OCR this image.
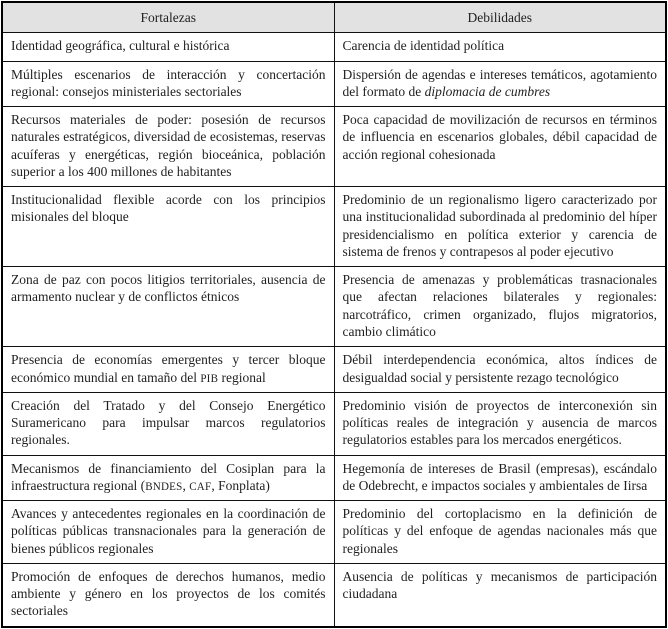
Fortalezas	Debilidades
Identidad geográfica, cultural e histórica	Carencia de identidad política
Múltiples escenarios de interacción y concertación regional: consejos ministeriales sectoriales	Dispersión de agendas e intereses temáticos, agotamiento del formato de diplomacia de cumbres
Recursos materiales de poder: posesión de recursos naturales estratégicos, diversidad de ecosistemas, reservas acuíferas y energéticas, región bioceánica, población superior a los 400 millones de habitantes	Poca capacidad de movilización de recursos en términos de influencia en escenarios globales, débil capacidad de acción regional cohesionada
Institucionalidad flexible acorde con los principios misionales del bloque	Predominio de un regionalismo ligero caracterizado por una institucionalidad subordinada al predominio del híper presidencialismo en política exterior y carencia de sistema de frenos y contrapesos al poder ejecutivo
Zona de paz con pocos litigios territoriales, ausencia de armamento nuclear y de conflictos étnicos	Presencia de amenazas y problemáticas trasnacionales que afectan relaciones bilaterales y regionales: narcotráfico, crimen organizado, flujos migratorios, cambio climático
Presencia de economías emergentes y tercer bloque económico mundial en tamaño del PIB regional	Débil interdependencia económica, altos índices de desigualdad social y persistente rezago tecnológico
Creación del Tratado y del Consejo Energético Suramericano para impulsar marcos regulatorios regionales.	Predominio visión de proyectos de interconexión sin políticas reales de integración y ausencia de marcos regulatorios estables para los mercados energéticos.
Mecanismos de financiamiento del Cosiplan para la infraestructura regional (BNDES, CAF, Fonplata)	Hegemonía de intereses de Brasil (empresas), escándalo de Odebrecht, e impactos sociales y ambientales de Iirsa
Avances y antecedentes regionales en la coordinación de políticas públicas transnacionales para la generación de bienes públicos regionales	Predominio del cortoplacismo en la definición de políticas y del enfoque de agendas nacionales más que regionales
Promoción de enfoques de derechos humanos, medio ambiente y género en los proyectos de los comités sectoriales	Ausencia de políticas y mecanismos de participación ciudadana
